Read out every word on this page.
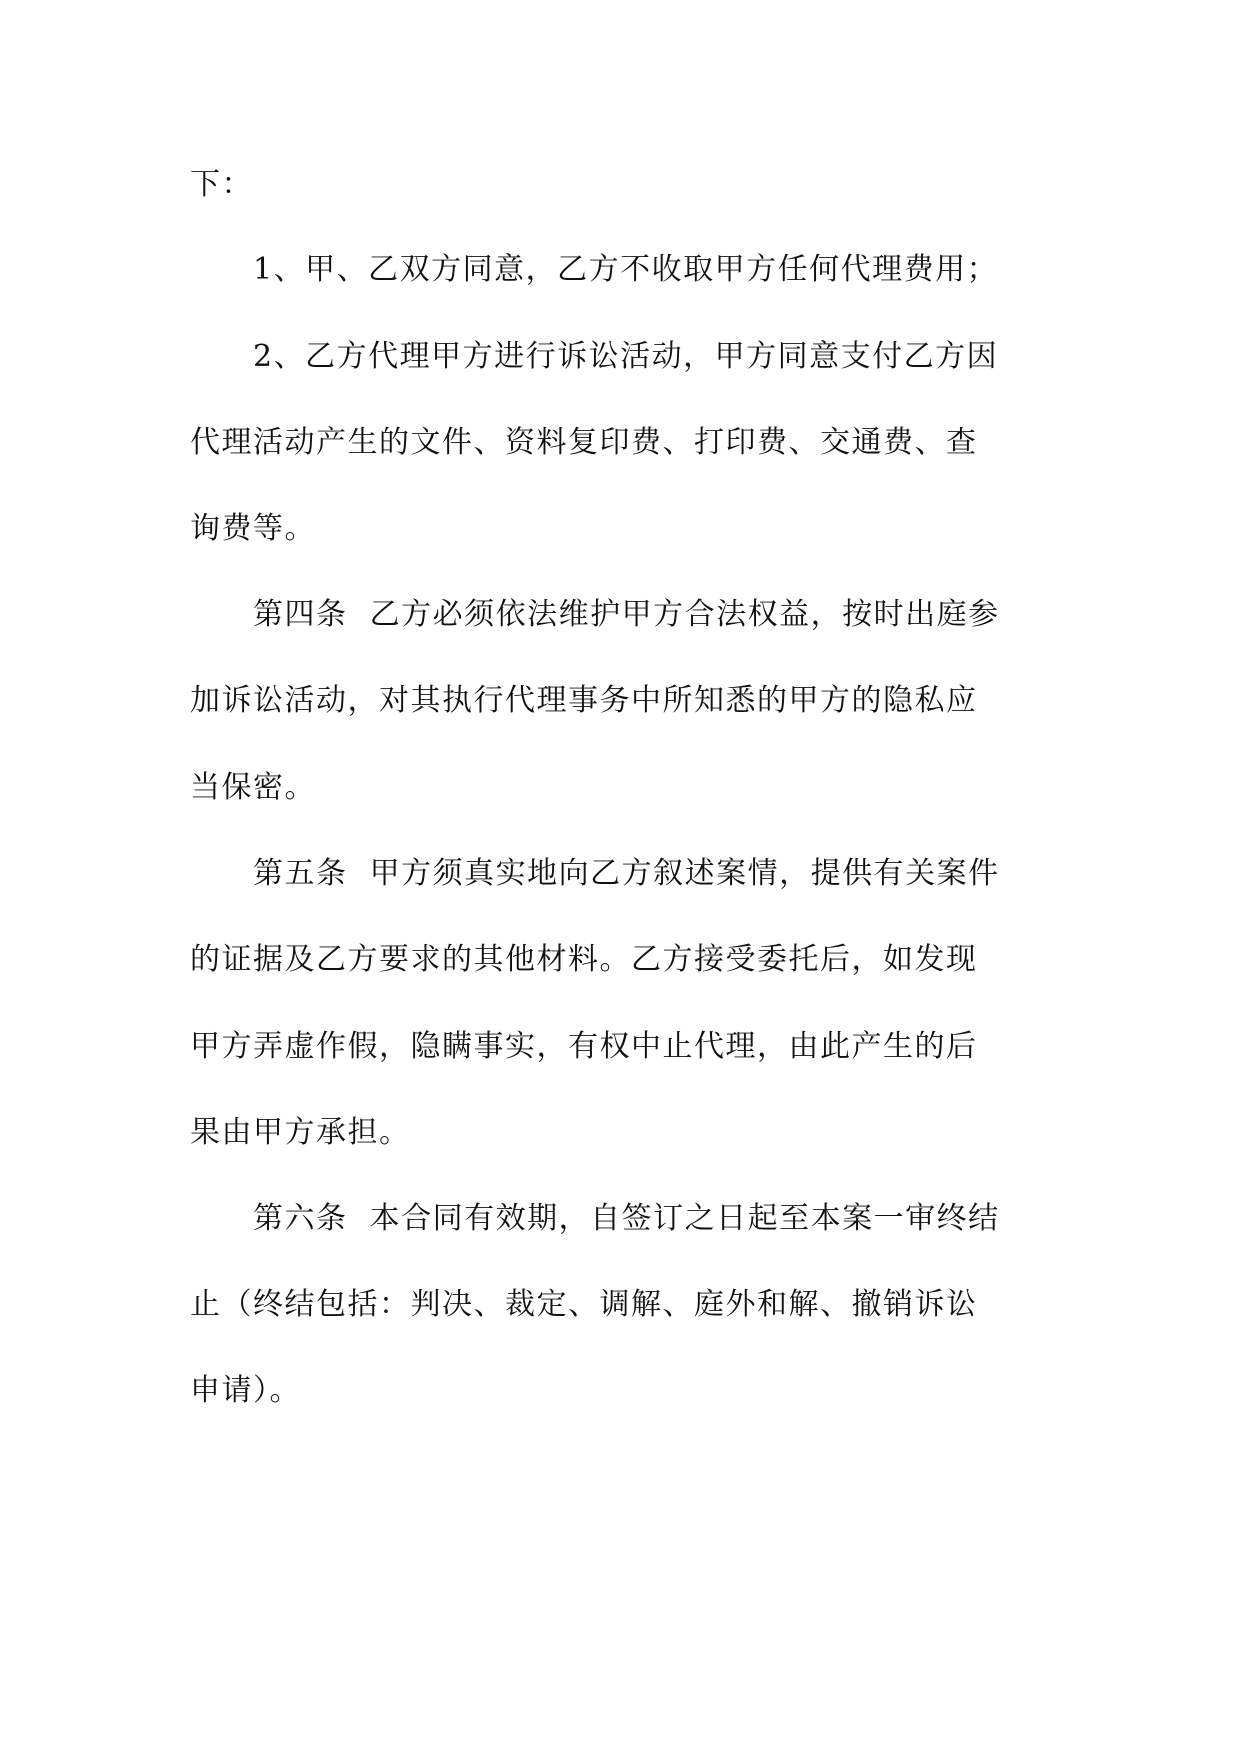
下：

1、甲、乙双方同意，乙方不收取甲方任何代理费用；

2、乙方代理甲方进行诉讼活动，甲方同意支付乙方因

代理活动产生的文件、资料复印费、打印费、交通费、查

询费等。

第四条  乙方必须依法维护甲方合法权益，按时出庭参

加诉讼活动，对其执行代理事务中所知悉的甲方的隐私应

当保密。

第五条  甲方须真实地向乙方叙述案情，提供有关案件

的证据及乙方要求的其他材料。乙方接受委托后，如发现

甲方弄虚作假，隐瞒事实，有权中止代理，由此产生的后

果由甲方承担。

第六条  本合同有效期，自签订之日起至本案一审终结

止（终结包括：判决、裁定、调解、庭外和解、撤销诉讼

申请）。
